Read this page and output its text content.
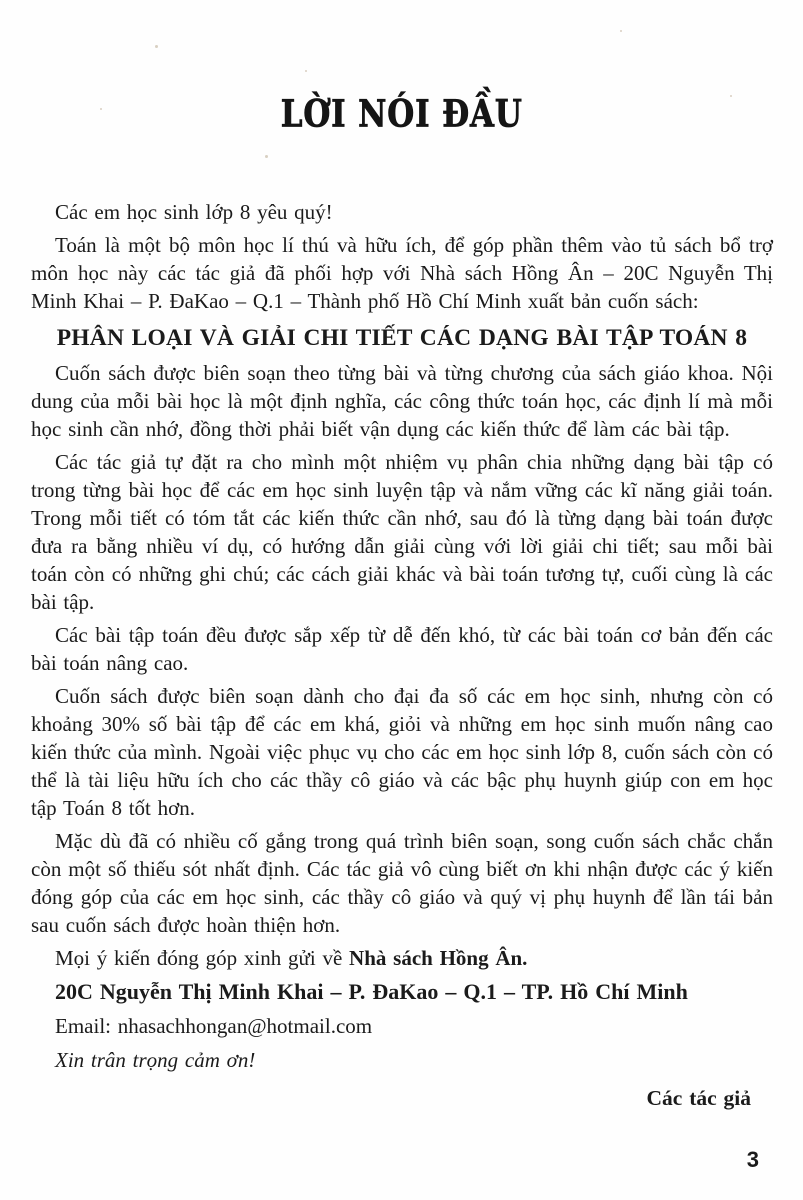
LỜI NÓI ĐẦU

Các em học sinh lớp 8 yêu quý!

Toán là một bộ môn học lí thú và hữu ích, để góp phần thêm vào tủ sách bổ trợ môn học này các tác giả đã phối hợp với Nhà sách Hồng Ân – 20C Nguyễn Thị Minh Khai – P. ĐaKao – Q.1 – Thành phố Hồ Chí Minh xuất bản cuốn sách:

PHÂN LOẠI VÀ GIẢI CHI TIẾT CÁC DẠNG BÀI TẬP TOÁN 8

Cuốn sách được biên soạn theo từng bài và từng chương của sách giáo khoa. Nội dung của mỗi bài học là một định nghĩa, các công thức toán học, các định lí mà mỗi học sinh cần nhớ, đồng thời phải biết vận dụng các kiến thức để làm các bài tập.

Các tác giả tự đặt ra cho mình một nhiệm vụ phân chia những dạng bài tập có trong từng bài học để các em học sinh luyện tập và nắm vững các kĩ năng giải toán. Trong mỗi tiết có tóm tắt các kiến thức cần nhớ, sau đó là từng dạng bài toán được đưa ra bằng nhiều ví dụ, có hướng dẫn giải cùng với lời giải chi tiết; sau mỗi bài toán còn có những ghi chú; các cách giải khác và bài toán tương tự, cuối cùng là các bài tập.

Các bài tập toán đều được sắp xếp từ dễ đến khó, từ các bài toán cơ bản đến các bài toán nâng cao.

Cuốn sách được biên soạn dành cho đại đa số các em học sinh, nhưng còn có khoảng 30% số bài tập để các em khá, giỏi và những em học sinh muốn nâng cao kiến thức của mình. Ngoài việc phục vụ cho các em học sinh lớp 8, cuốn sách còn có thể là tài liệu hữu ích cho các thầy cô giáo và các bậc phụ huynh giúp con em học tập Toán 8 tốt hơn.

Mặc dù đã có nhiều cố gắng trong quá trình biên soạn, song cuốn sách chắc chắn còn một số thiếu sót nhất định. Các tác giả vô cùng biết ơn khi nhận được các ý kiến đóng góp của các em học sinh, các thầy cô giáo và quý vị phụ huynh để lần tái bản sau cuốn sách được hoàn thiện hơn.

Mọi ý kiến đóng góp xinh gửi về Nhà sách Hồng Ân.

20C Nguyễn Thị Minh Khai – P. ĐaKao – Q.1 – TP. Hồ Chí Minh

Email: nhasachhongan@hotmail.com

Xin trân trọng cảm ơn!

Các tác giả

3
